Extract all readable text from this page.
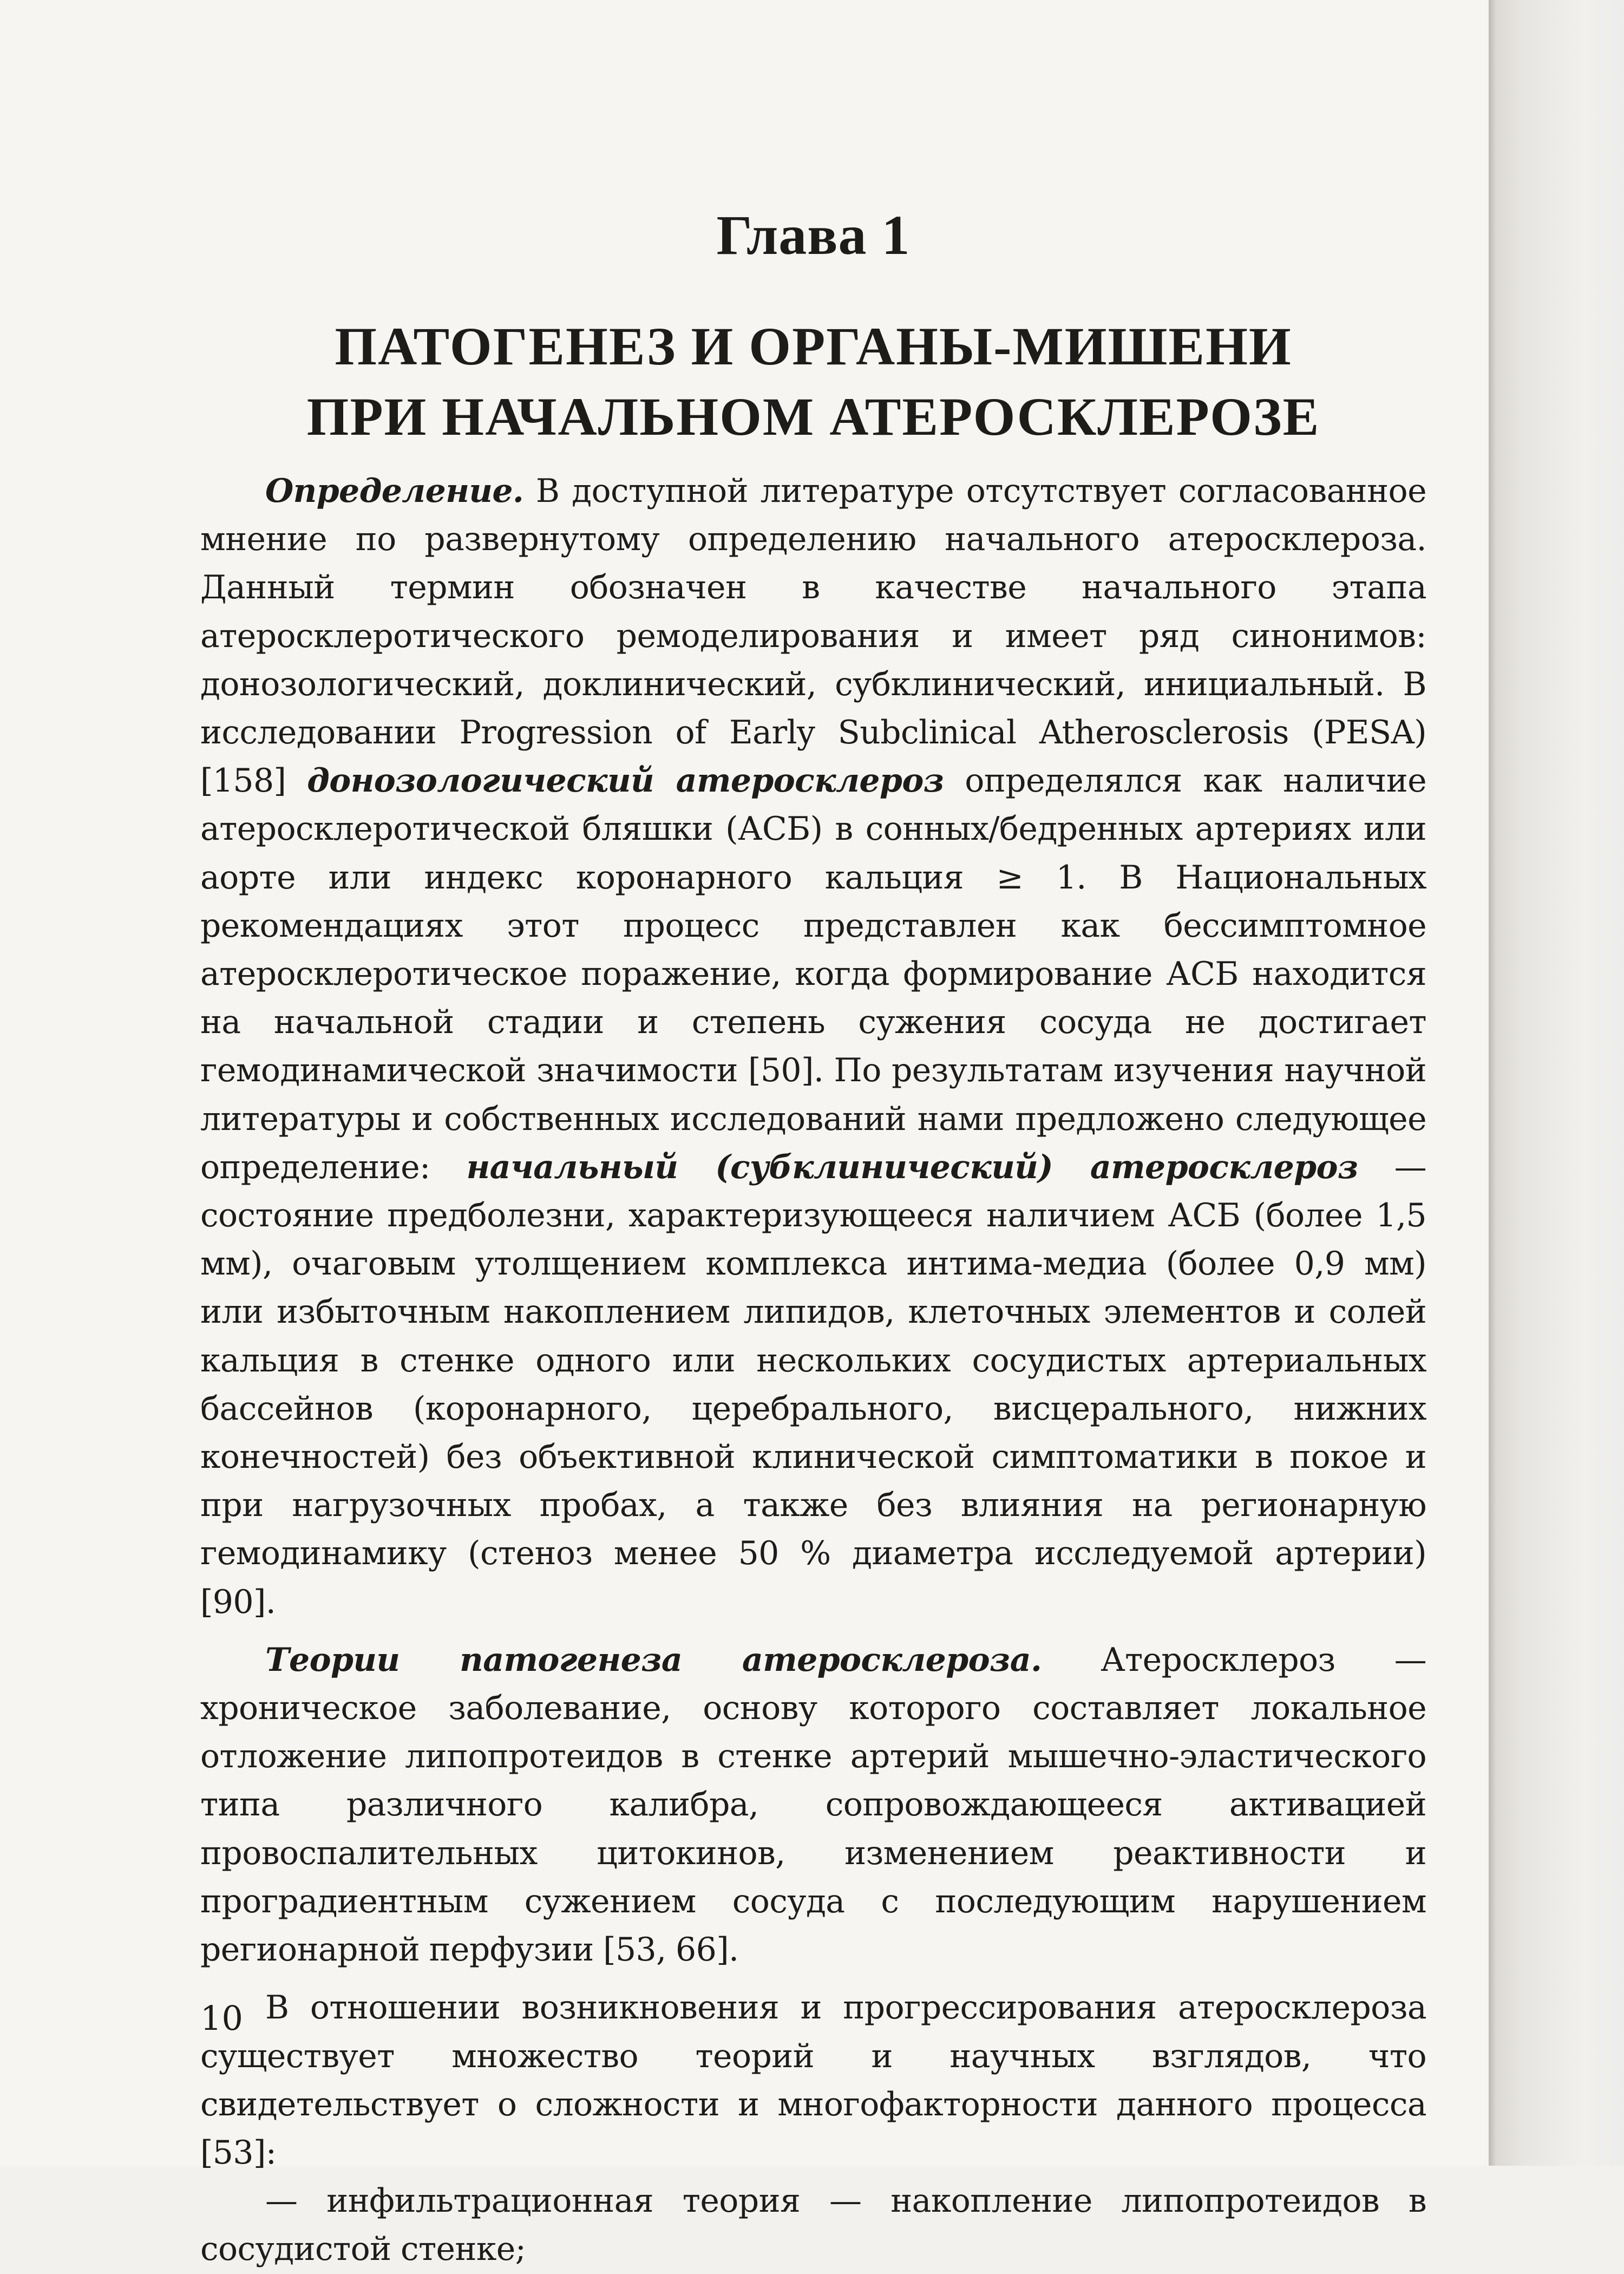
Глава 1
ПАТОГЕНЕЗ И ОРГАНЫ-МИШЕНИ
ПРИ НАЧАЛЬНОМ АТЕРОСКЛЕРОЗЕ

Определение. В доступной литературе отсутствует согласованное мнение по развернутому определению начального атеросклероза. Данный термин обозначен в качестве начального этапа атеросклеротического ремоделирования и имеет ряд синонимов: донозологический, доклинический, субклинический, инициальный. В исследовании Progression of Early Subclinical Atherosclerosis (PESA) [158] донозологический атеросклероз определялся как наличие атеросклеротической бляшки (АСБ) в сонных/бедренных артериях или аорте или индекс коронарного кальция ≥ 1. В Национальных рекомендациях этот процесс представлен как бессимптомное атеросклеротическое поражение, когда формирование АСБ находится на начальной стадии и степень сужения сосуда не достигает гемодинамической значимости [50]. По результатам изучения научной литературы и собственных исследований нами предложено следующее определение: начальный (субклинический) атеросклероз — состояние предболезни, характеризующееся наличием АСБ (более 1,5 мм), очаговым утолщением комплекса интима-медиа (более 0,9 мм) или избыточным накоплением липидов, клеточных элементов и солей кальция в стенке одного или нескольких сосудистых артериальных бассейнов (коронарного, церебрального, висцерального, нижних конечностей) без объективной клинической симптоматики в покое и при нагрузочных пробах, а также без влияния на регионарную гемодинамику (стеноз менее 50 % диаметра исследуемой артерии) [90].

Теории патогенеза атеросклероза. Атеросклероз — хроническое заболевание, основу которого составляет локальное отложение липопротеидов в стенке артерий мышечно-эластического типа различного калибра, сопровождающееся активацией провоспалительных цитокинов, изменением реактивности и проградиентным сужением сосуда с последующим нарушением регионарной перфузии [53, 66].

В отношении возникновения и прогрессирования атеросклероза существует множество теорий и научных взглядов, что свидетельствует о сложности и многофакторности данного процесса [53]:

— инфильтрационная теория — накопление липопротеидов в сосудистой стенке;

10
